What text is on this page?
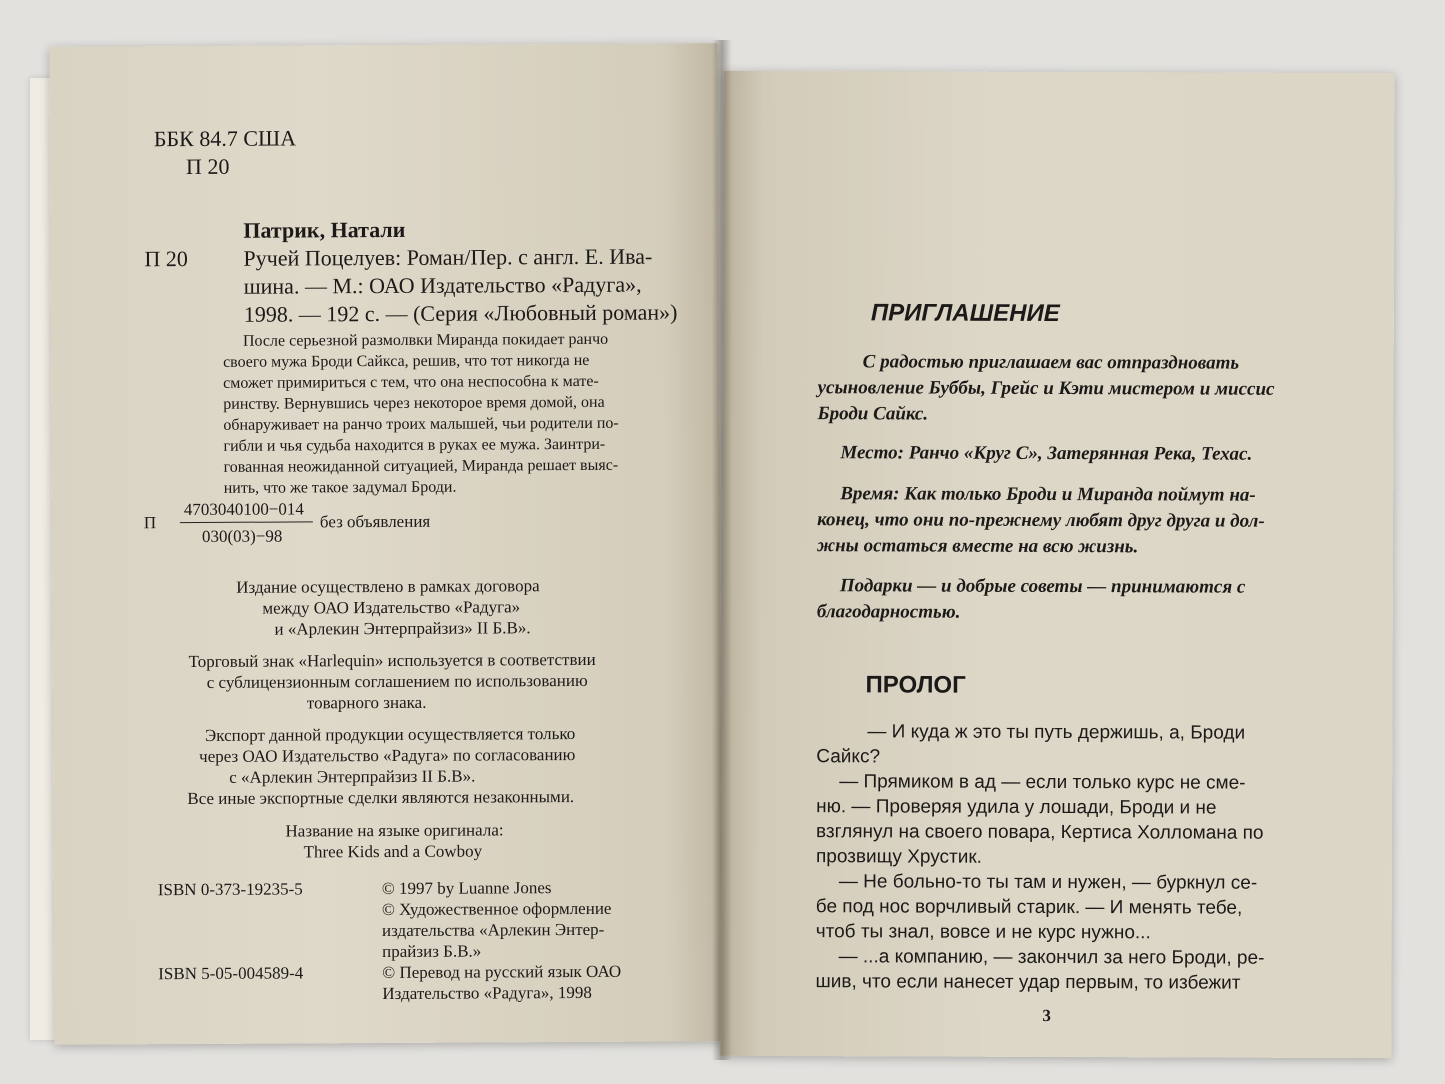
ББК 84.7 США
П 20
Патрик, Натали
П 20	Ручей Поцелуев: Роман/Пер. с англ. Е. Ива-
шина. — М.: ОАО Издательство «Радуга»,
1998. — 192 с. — (Серия «Любовный роман»)
После серьезной размолвки Миранда покидает ранчо
своего мужа Броди Сайкса, решив, что тот никогда не
сможет примириться с тем, что она неспособна к мате-
ринству. Вернувшись через некоторое время домой, она
обнаруживает на ранчо троих малышей, чьи родители по-
гибли и чья судьба находится в руках ее мужа. Заинтри-
гованная неожиданной ситуацией, Миранда решает выяс-
нить, что же такое задумал Броди.
П
4703040100−014
030(03)−98
без объявления
Издание осуществлено в рамках договора
между ОАО Издательство «Радуга»
и «Арлекин Энтерпрайзиз» II Б.В».
Торговый знак «Harlequin» используется в соответствии
с сублицензионным соглашением по использованию
товарного знака.
Экспорт данной продукции осуществляется только
через ОАО Издательство «Радуга» по согласованию
с «Арлекин Энтерпрайзиз II Б.В».
Все иные экспортные сделки являются незаконными.
Название на языке оригинала:
Three Kids and a Cowboy
ISBN 0-373-19235-5
ISBN 5-05-004589-4
© 1997 by Luanne Jones
© Художественное оформление
издательства «Арлекин Энтер-
прайзиз Б.В.»
© Перевод на русский язык ОАО
Издательство «Радуга», 1998
ПРИГЛАШЕНИЕ
С радостью приглашаем вас отпраздновать
усыновление Буббы, Грейс и Кэти мистером и миссис
Броди Сайкс.
Место: Ранчо «Круг С», Затерянная Река, Техас.
Время: Как только Броди и Миранда поймут на-
конец, что они по-прежнему любят друг друга и дол-
жны остаться вместе на всю жизнь.
Подарки — и добрые советы — принимаются с
благодарностью.
ПРОЛОГ
— И куда ж это ты путь держишь, а, Броди
Сайкс?
— Прямиком в ад — если только курс не сме-
ню. — Проверяя удила у лошади, Броди и не
взглянул на своего повара, Кертиса Холломана по
прозвищу Хрустик.
— Не больно-то ты там и нужен, — буркнул се-
бе под нос ворчливый старик. — И менять тебе,
чтоб ты знал, вовсе и не курс нужно...
— ...а компанию, — закончил за него Броди, ре-
шив, что если нанесет удар первым, то избежит
3
